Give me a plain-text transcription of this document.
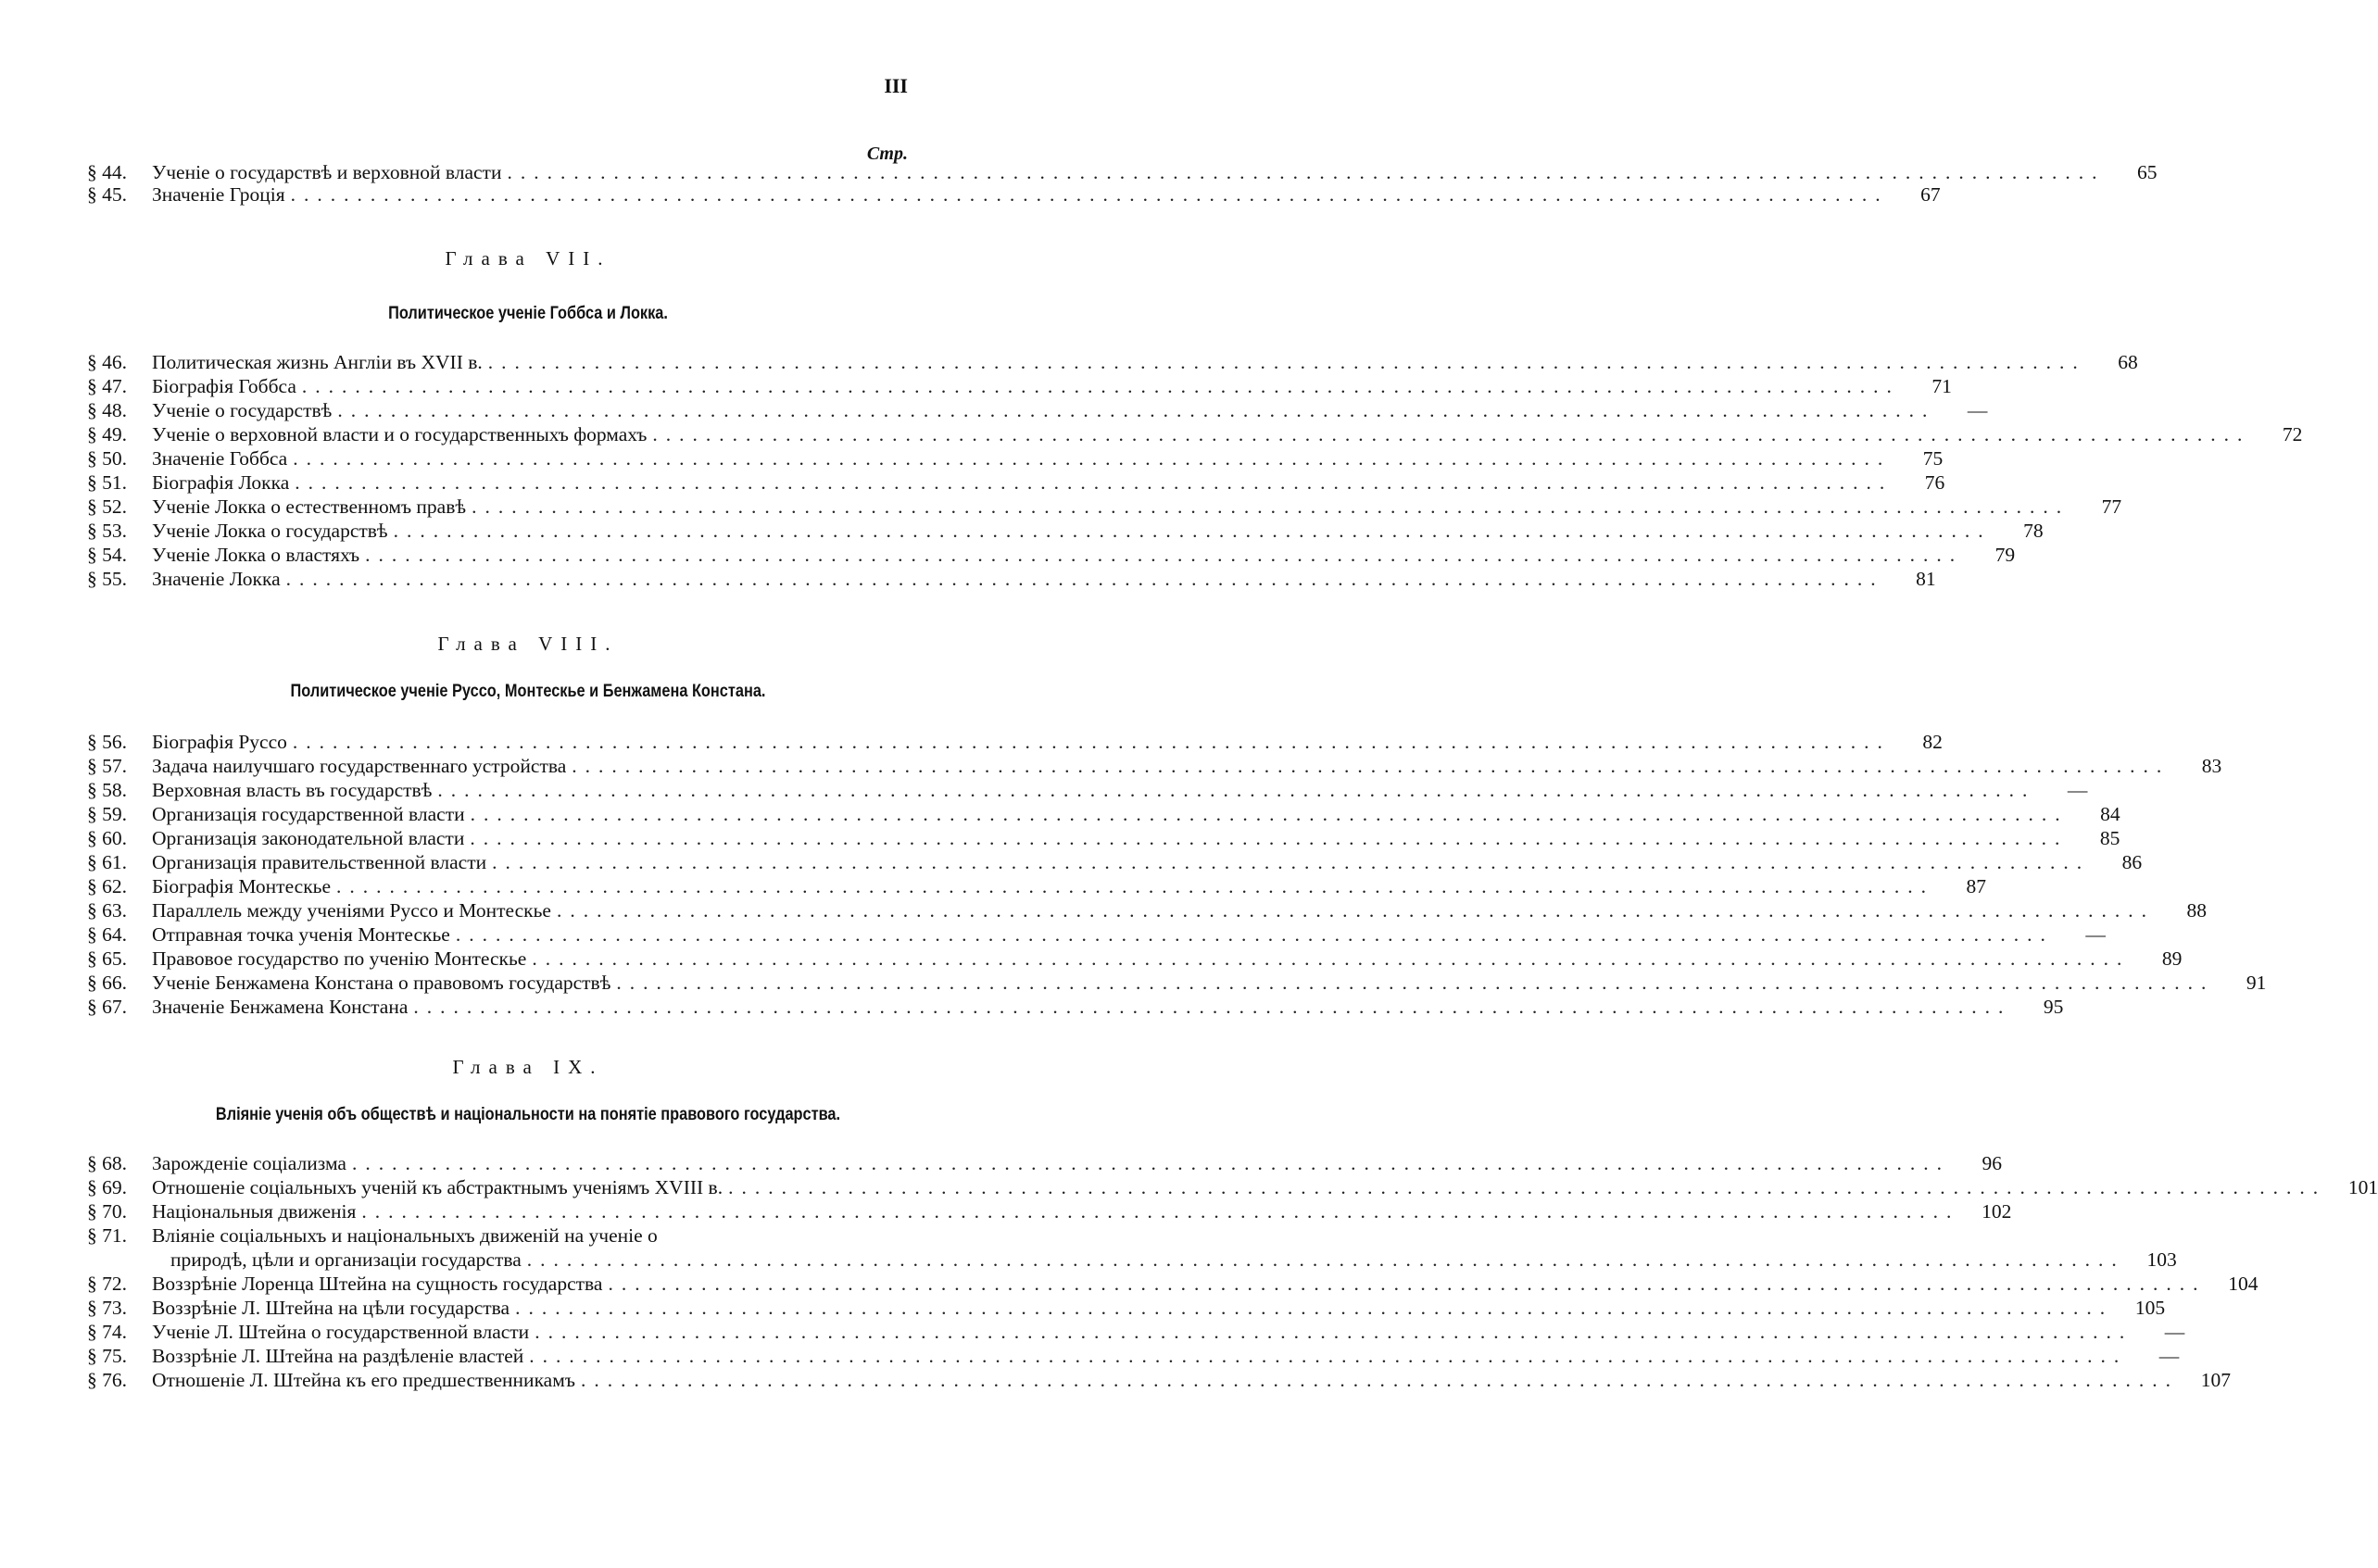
III
Стр.
§ 44.	Ученіе о государствѣ и верховной власти ........................................................................................................................	65
§ 45.	Значеніе Гроція ........................................................................................................................	67
Глава VII.
Политическое ученіе Гоббса и Локка.
§ 46.	Политическая жизнь Англіи въ XVII в. ........................................................................................................................	68
§ 47.	Біографія Гоббса ........................................................................................................................	71
§ 48.	Ученіе о государствѣ ........................................................................................................................	—
§ 49.	Ученіе о верховной власти и о государственныхъ формахъ ........................................................................................................................	72
§ 50.	Значеніе Гоббса ........................................................................................................................	75
§ 51.	Біографія Локка ........................................................................................................................	76
§ 52.	Ученіе Локка о естественномъ правѣ ........................................................................................................................	77
§ 53.	Ученіе Локка о государствѣ ........................................................................................................................	78
§ 54.	Ученіе Локка о властяхъ ........................................................................................................................	79
§ 55.	Значеніе Локка ........................................................................................................................	81
Глава VIII.
Политическое ученіе Руссо, Монтескье и Бенжамена Констана.
§ 56.	Біографія Руссо ........................................................................................................................	82
§ 57.	Задача наилучшаго государственнаго устройства ........................................................................................................................	83
§ 58.	Верховная власть въ государствѣ ........................................................................................................................	—
§ 59.	Организація государственной власти ........................................................................................................................	84
§ 60.	Организація законодательной власти ........................................................................................................................	85
§ 61.	Организація правительственной власти ........................................................................................................................	86
§ 62.	Біографія Монтескье ........................................................................................................................	87
§ 63.	Параллель между ученіями Руссо и Монтескье ........................................................................................................................	88
§ 64.	Отправная точка ученія Монтескье ........................................................................................................................	—
§ 65.	Правовое государство по ученію Монтескье ........................................................................................................................	89
§ 66.	Ученіе Бенжамена Констана о правовомъ государствѣ ........................................................................................................................	91
§ 67.	Значеніе Бенжамена Констана ........................................................................................................................	95
Глава IX.
Вліяніе ученія объ обществѣ и національности на понятіе правового государства.
§ 68.	Зарожденіе соціализма ........................................................................................................................	96
§ 69.	Отношеніе соціальныхъ ученій къ абстрактнымъ ученіямъ XVIII в. ........................................................................................................................	101
§ 70.	Національныя движенія ........................................................................................................................	102
§ 71.	Вліяніе соціальныхъ и національныхъ движеній на ученіе о
природѣ, цѣли и организаціи государства ........................................................................................................................	103
§ 72.	Воззрѣніе Лоренца Штейна на сущность государства ........................................................................................................................	104
§ 73.	Воззрѣніе Л. Штейна на цѣли государства ........................................................................................................................	105
§ 74.	Ученіе Л. Штейна о государственной власти ........................................................................................................................	—
§ 75.	Воззрѣніе Л. Штейна на раздѣленіе властей ........................................................................................................................	—
§ 76.	Отношеніе Л. Штейна къ его предшественникамъ ........................................................................................................................	107
